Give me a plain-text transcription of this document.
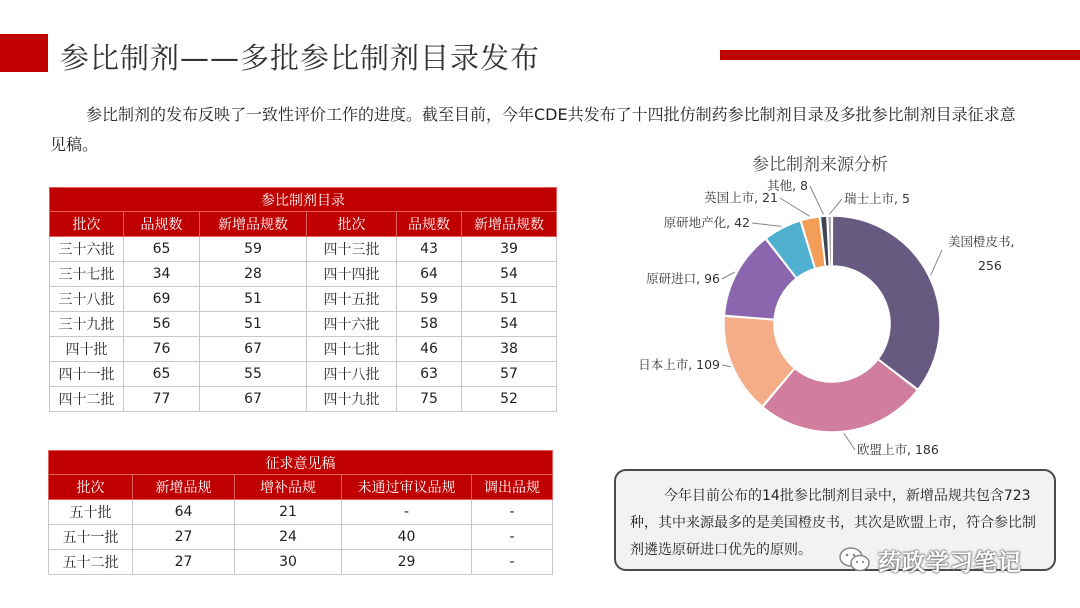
参比制剂——多批参比制剂目录发布

参比制剂的发布反映了一致性评价工作的进度。截至目前，今年CDE共发布了十四批仿制药参比制剂目录及多批参比制剂目录征求意见稿。

参比制剂目录					
批次	品规数	新增品规数	批次	品规数	新增品规数
三十六批	65	59	四十三批	43	39
三十七批	34	28	四十四批	64	54
三十八批	69	51	四十五批	59	51
三十九批	56	51	四十六批	58	54
四十批	76	67	四十七批	46	38
四十一批	65	55	四十八批	63	57
四十二批	77	67	四十九批	75	52
征求意见稿				
批次	新增品规	增补品规	未通过审议品规	调出品规
五十批	64	21	-	-
五十一批	27	24	40	-
五十二批	27	30	29	-
参比制剂来源分析
美国橙皮书, 256
欧盟上市, 186
日本上市, 109
原研进口, 96
原研地产化, 42
英国上市, 21
其他, 8
瑞士上市, 5
今年目前公布的14批参比制剂目录中，新增品规共包含723种，其中来源最多的是美国橙皮书，其次是欧盟上市，符合参比制剂遴选原研进口优先的原则。	药政学习笔记
